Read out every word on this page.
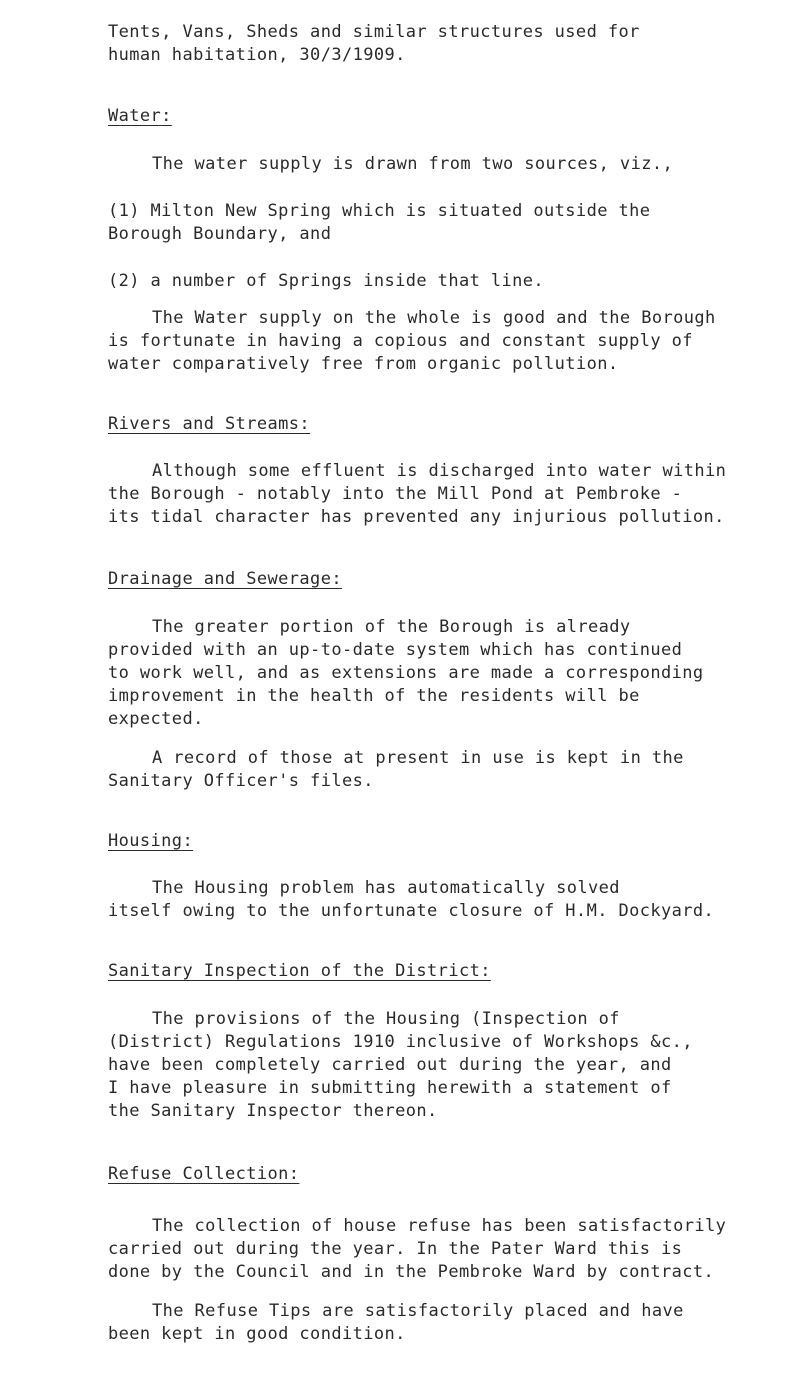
Tents, Vans, Sheds and similar structures used for
human habitation, 30/3/1909.
Water:
The water supply is drawn from two sources, viz.,
(1) Milton New Spring which is situated outside the
Borough Boundary, and
(2) a number of Springs inside that line.
The Water supply on the whole is good and the Borough
is fortunate in having a copious and constant supply of
water comparatively free from organic pollution.
Rivers and Streams:
Although some effluent is discharged into water within
the Borough - notably into the Mill Pond at Pembroke -
its tidal character has prevented any injurious pollution.
Drainage and Sewerage:
The greater portion of the Borough is already
provided with an up-to-date system which has continued
to work well, and as extensions are made a corresponding
improvement in the health of the residents will be
expected.
A record of those at present in use is kept in the
Sanitary Officer's files.
Housing:
The Housing problem has automatically solved
itself owing to the unfortunate closure of H.M. Dockyard.
Sanitary Inspection of the District:
The provisions of the Housing (Inspection of
(District) Regulations 1910 inclusive of Workshops &c.,
have been completely carried out during the year, and
I have pleasure in submitting herewith a statement of
the Sanitary Inspector thereon.
Refuse Collection:
The collection of house refuse has been satisfactorily
carried out during the year. In the Pater Ward this is
done by the Council and in the Pembroke Ward by contract.
The Refuse Tips are satisfactorily placed and have
been kept in good condition.
